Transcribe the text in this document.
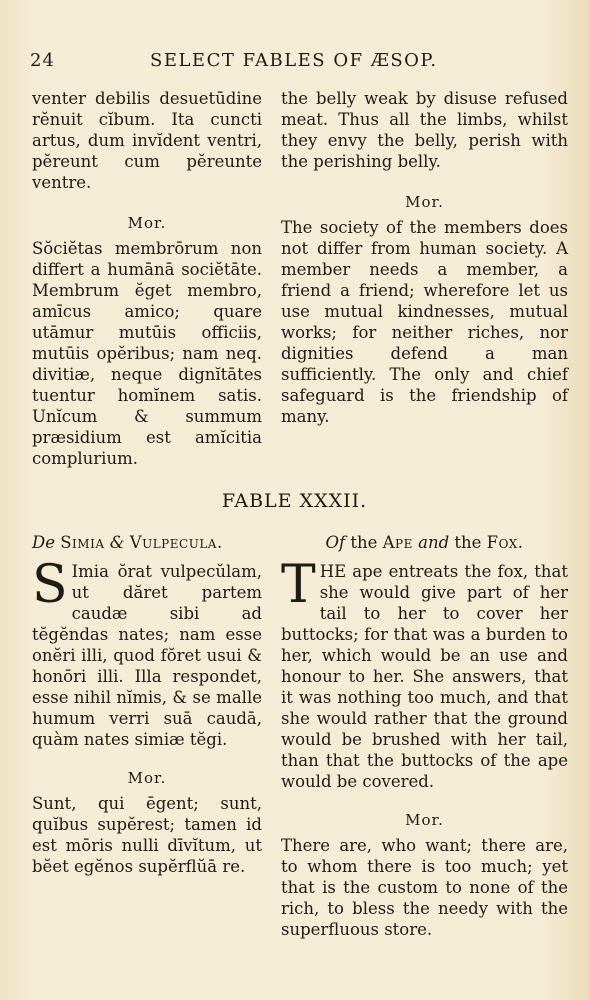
24	SELECT FABLES OF ÆSOP.

venter debilis desuetūdine rĕnuit cĭbum. Ita cuncti artus, dum invĭdent ventri, pĕreunt cum pĕreunte ventre.

Mor.

Sŏciĕtas membrōrum non differt a humānā sociĕtāte. Membrum ĕget membro, amīcus amico; quare utāmur mutūis officiis, mutūis opĕribus; nam neq. divitiæ, neque dignĭtātes tuentur homĭnem satis. Unĭcum & summum præsidium est amĭcitia complurium.

the belly weak by disuse refused meat. Thus all the limbs, whilst they envy the belly, perish with the perishing belly.

Mor.

The society of the members does not differ from human society. A member needs a member, a friend a friend; wherefore let us use mutual kindnesses, mutual works; for neither riches, nor dignities defend a man sufficiently. The only and chief safeguard is the friendship of many.

FABLE XXXII.

De Simia & Vulpecula.

S Imia ŏrat vulpecŭlam, ut dăret partem caudæ sibi ad tĕgĕndas nates; nam esse onĕri illi, quod fŏret usui & honōri illi. Illa respondet, esse nihil nĭmis, & se malle humum verri suā caudā, quàm nates simiæ tĕgi.

Mor.

Sunt, qui ēgent; sunt, quĭbus supĕrest; tamen id est mōris nulli dīvĭtum, ut bĕet egĕnos supĕrflŭā re.

Of the Ape and the Fox.

THE ape entreats the fox, that she would give part of her tail to her to cover her buttocks; for that was a burden to her, which would be an use and honour to her. She answers, that it was nothing too much, and that she would rather that the ground would be brushed with her tail, than that the buttocks of the ape would be covered.

Mor.

There are, who want; there are, to whom there is too much; yet that is the custom to none of the rich, to bless the needy with the superfluous store.
